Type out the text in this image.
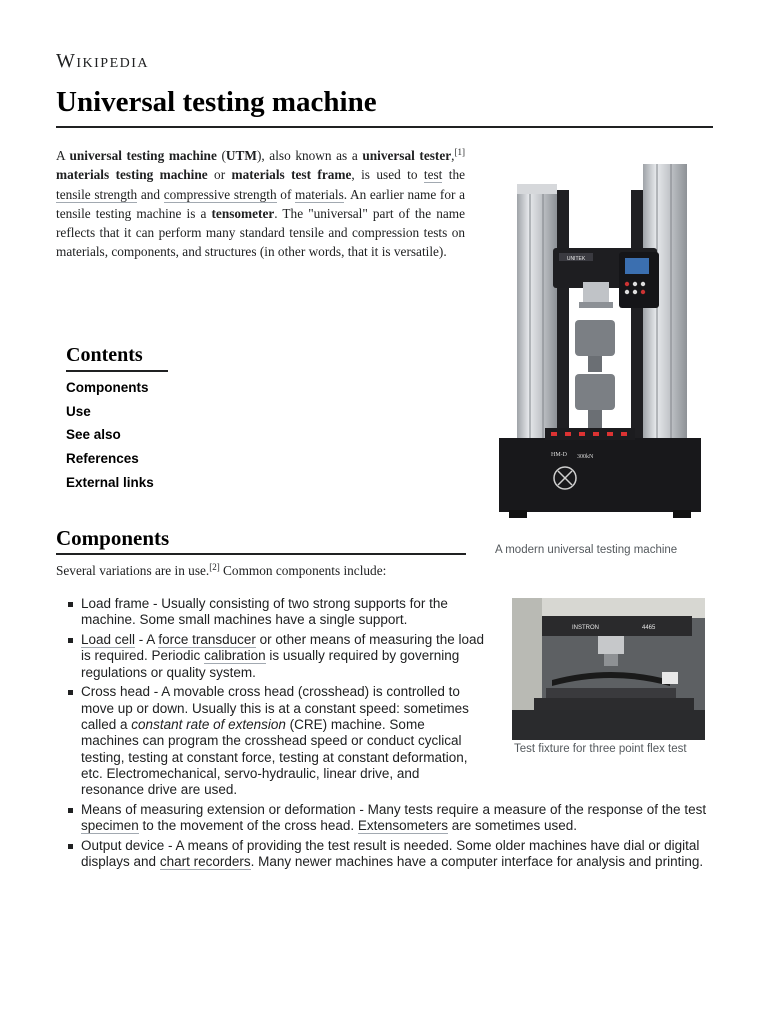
Wikipedia
Universal testing machine

A universal testing machine (UTM), also known as a universal tester,[1] materials testing machine or materials test frame, is used to test the tensile strength and compressive strength of materials. An earlier name for a tensile testing machine is a tensometer. The "universal" part of the name reflects that it can perform many standard tensile and compression tests on materials, components, and structures (in other words, that it is versatile).	UNITEK
HM-D 300kN
A modern universal testing machine
Contents
Components
Use
See also
References
External links
Components

Several variations are in use.[2] Common components include:

INSTRON	4465
Test fixture for three point flex test
Load frame - Usually consisting of two strong supports for the machine. Some small machines have a single support.
Load cell - A force transducer or other means of measuring the load is required. Periodic calibration is usually required by governing regulations or quality system.
Cross head - A movable cross head (crosshead) is controlled to move up or down. Usually this is at a constant speed: sometimes called a constant rate of extension (CRE) machine. Some machines can program the crosshead speed or conduct cyclical testing, testing at constant force, testing at constant deformation, etc. Electromechanical, servo-hydraulic, linear drive, and resonance drive are used.
Means of measuring extension or deformation - Many tests require a measure of the response of the test specimen to the movement of the cross head. Extensometers are sometimes used.
Output device - A means of providing the test result is needed. Some older machines have dial or digital displays and chart recorders. Many newer machines have a computer interface for analysis and printing.
